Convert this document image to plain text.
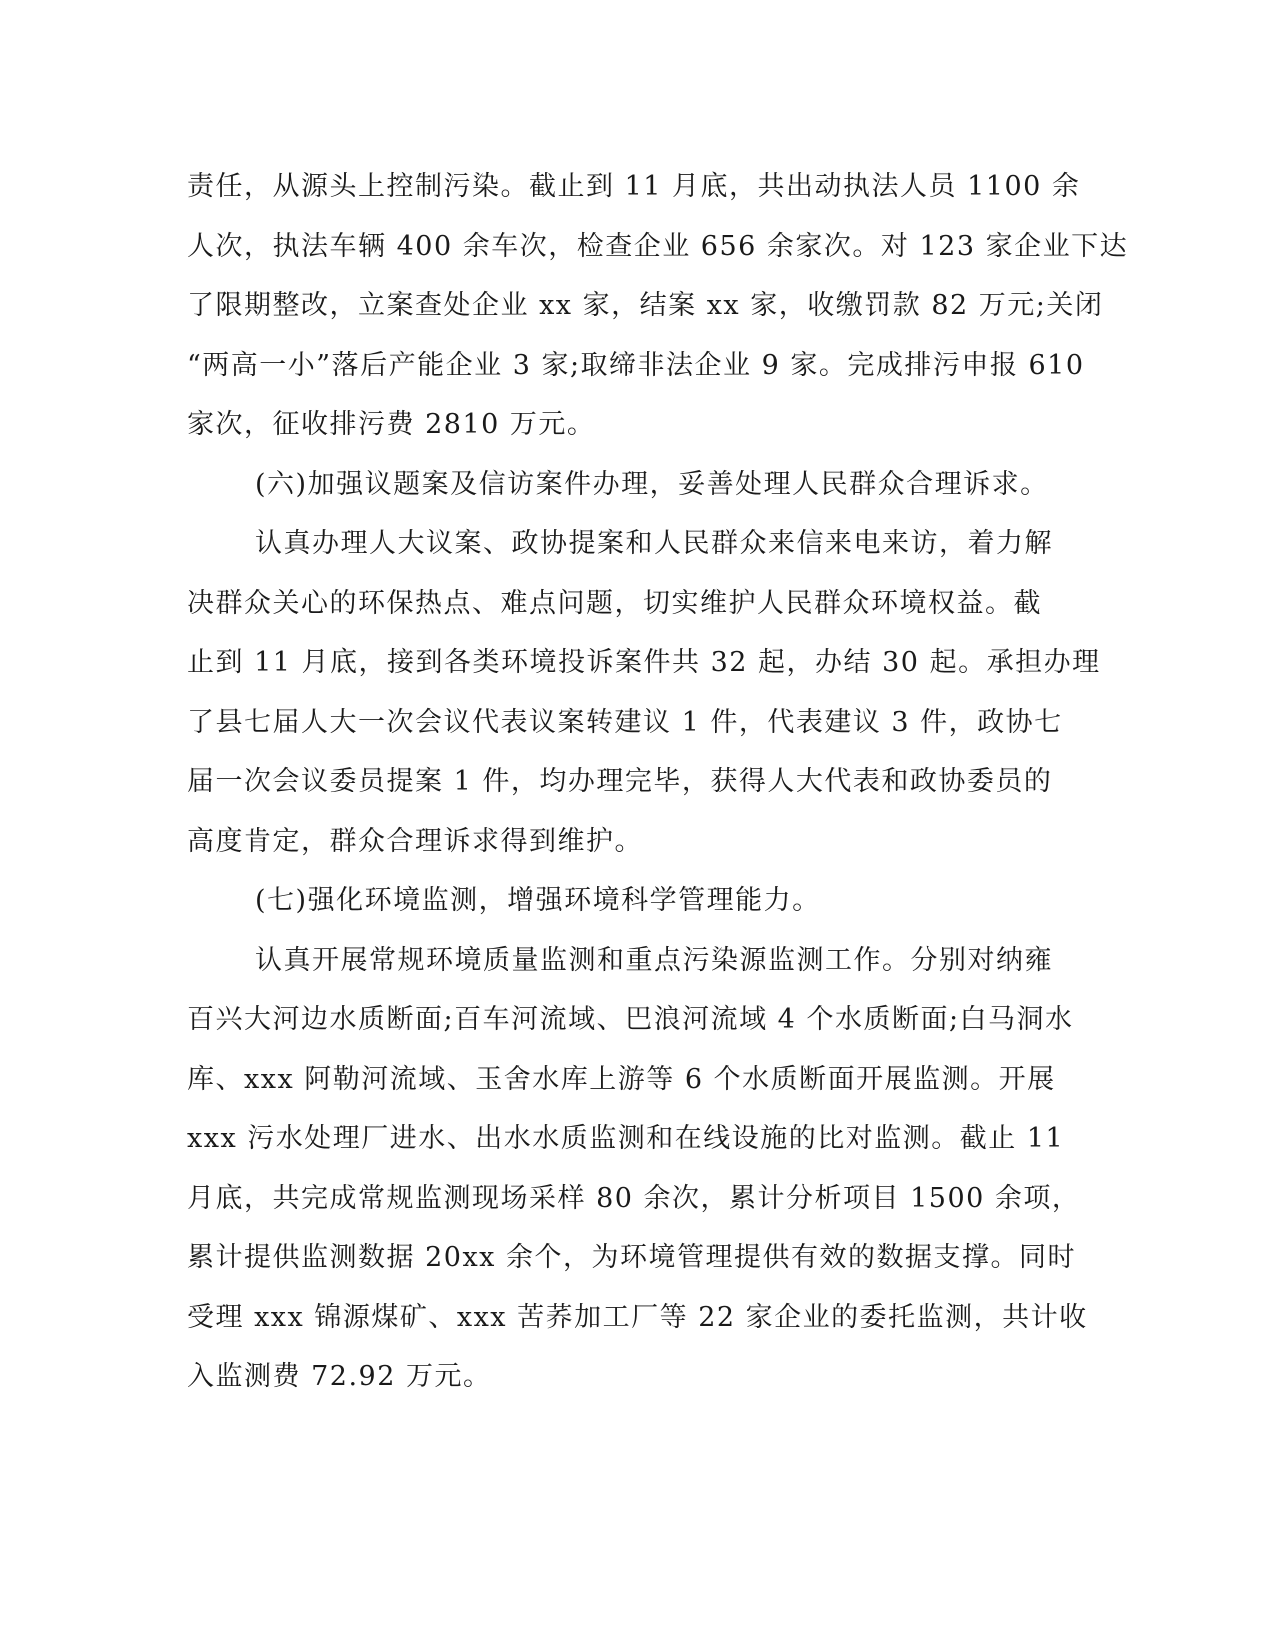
责任，从源头上控制污染。截止到 11 月底，共出动执法人员 1100 余
人次，执法车辆 400 余车次，检查企业 656 余家次。对 123 家企业下达
了限期整改，立案查处企业 xx 家，结案 xx 家，收缴罚款 82 万元;关闭
“两高一小”落后产能企业 3 家;取缔非法企业 9 家。完成排污申报 610
家次，征收排污费 2810 万元。
(六)加强议题案及信访案件办理，妥善处理人民群众合理诉求。
认真办理人大议案、政协提案和人民群众来信来电来访，着力解
决群众关心的环保热点、难点问题，切实维护人民群众环境权益。截
止到 11 月底，接到各类环境投诉案件共 32 起，办结 30 起。承担办理
了县七届人大一次会议代表议案转建议 1 件，代表建议 3 件，政协七
届一次会议委员提案 1 件，均办理完毕，获得人大代表和政协委员的
高度肯定，群众合理诉求得到维护。
(七)强化环境监测，增强环境科学管理能力。
认真开展常规环境质量监测和重点污染源监测工作。分别对纳雍
百兴大河边水质断面;百车河流域、巴浪河流域 4 个水质断面;白马洞水
库、xxx 阿勒河流域、玉舍水库上游等 6 个水质断面开展监测。开展
xxx 污水处理厂进水、出水水质监测和在线设施的比对监测。截止 11
月底，共完成常规监测现场采样 80 余次，累计分析项目 1500 余项，
累计提供监测数据 20xx 余个，为环境管理提供有效的数据支撑。同时
受理 xxx 锦源煤矿、xxx 苦荞加工厂等 22 家企业的委托监测，共计收
入监测费 72.92 万元。
